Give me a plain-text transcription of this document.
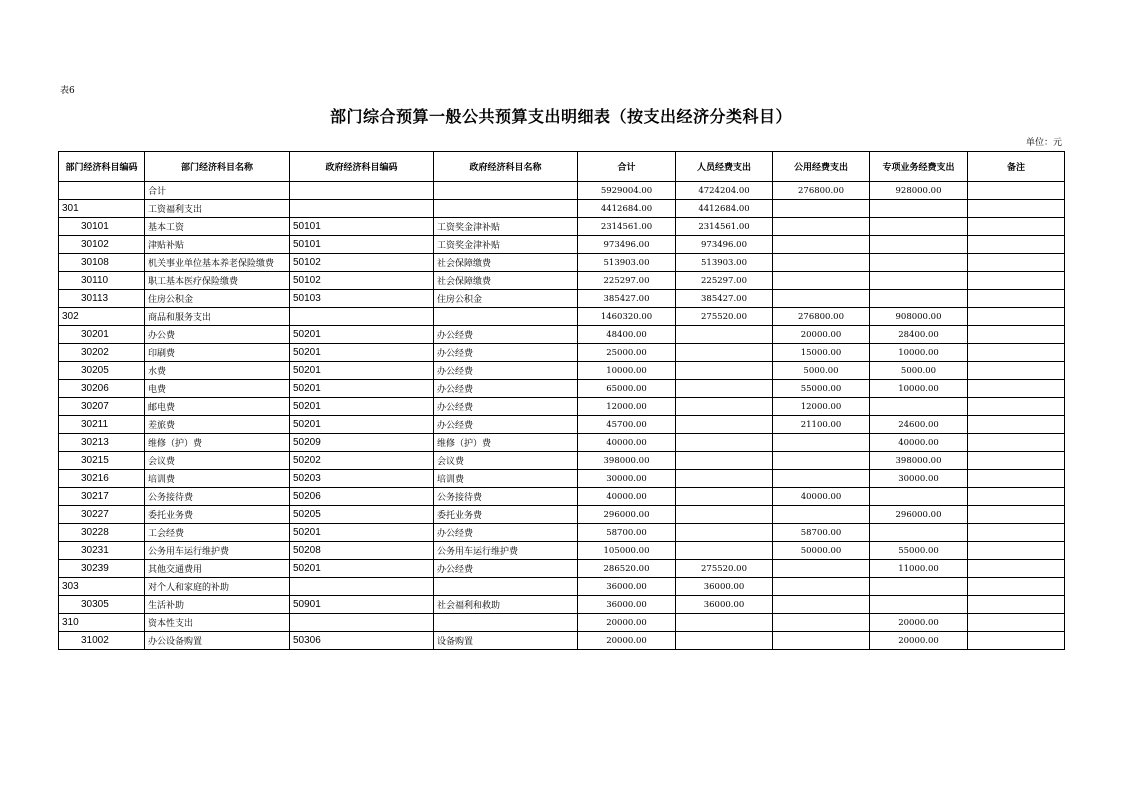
表6
部门综合预算一般公共预算支出明细表（按支出经济分类科目）
单位：元
部门经济科目编码	部门经济科目名称	政府经济科目编码	政府经济科目名称	合计	人员经费支出	公用经费支出	专项业务经费支出	备注
	合计			5929004.00	4724204.00	276800.00	928000.00	
301	工资福利支出			4412684.00	4412684.00			
30101	基本工资	50101	工资奖金津补贴	2314561.00	2314561.00			
30102	津贴补贴	50101	工资奖金津补贴	973496.00	973496.00			
30108	机关事业单位基本养老保险缴费	50102	社会保障缴费	513903.00	513903.00			
30110	职工基本医疗保险缴费	50102	社会保障缴费	225297.00	225297.00			
30113	住房公积金	50103	住房公积金	385427.00	385427.00			
302	商品和服务支出			1460320.00	275520.00	276800.00	908000.00	
30201	办公费	50201	办公经费	48400.00		20000.00	28400.00	
30202	印刷费	50201	办公经费	25000.00		15000.00	10000.00	
30205	水费	50201	办公经费	10000.00		5000.00	5000.00	
30206	电费	50201	办公经费	65000.00		55000.00	10000.00	
30207	邮电费	50201	办公经费	12000.00		12000.00		
30211	差旅费	50201	办公经费	45700.00		21100.00	24600.00	
30213	维修（护）费	50209	维修（护）费	40000.00			40000.00	
30215	会议费	50202	会议费	398000.00			398000.00	
30216	培训费	50203	培训费	30000.00			30000.00	
30217	公务接待费	50206	公务接待费	40000.00		40000.00		
30227	委托业务费	50205	委托业务费	296000.00			296000.00	
30228	工会经费	50201	办公经费	58700.00		58700.00		
30231	公务用车运行维护费	50208	公务用车运行维护费	105000.00		50000.00	55000.00	
30239	其他交通费用	50201	办公经费	286520.00	275520.00		11000.00	
303	对个人和家庭的补助			36000.00	36000.00			
30305	生活补助	50901	社会福利和救助	36000.00	36000.00			
310	资本性支出			20000.00			20000.00	
31002	办公设备购置	50306	设备购置	20000.00			20000.00	
